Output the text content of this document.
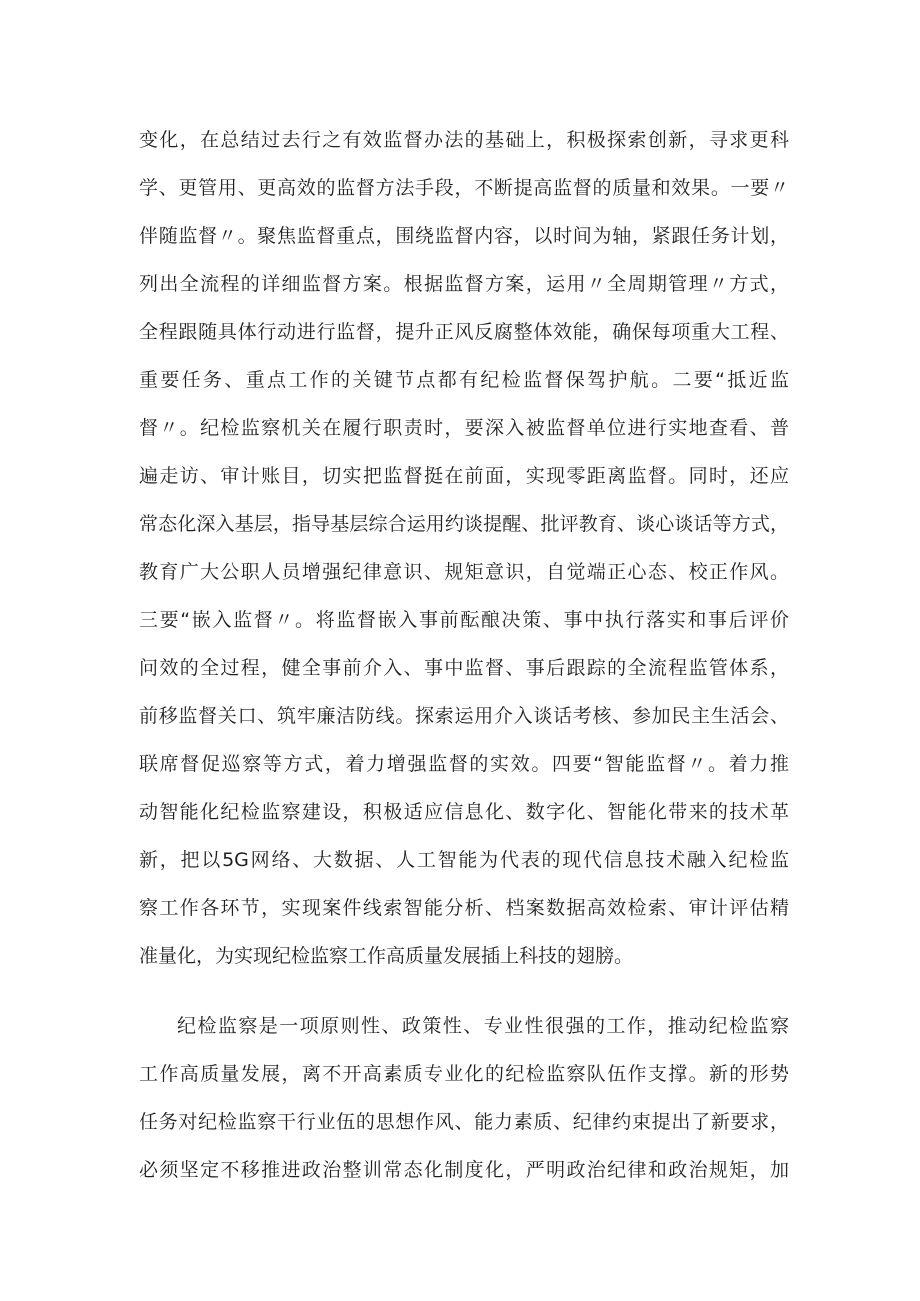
变化，在总结过去行之有效监督办法的基础上，积极探索创新，寻求更科
学、更管用、更高效的监督方法手段，不断提高监督的质量和效果。一要〃
伴随监督〃。聚焦监督重点，围绕监督内容，以时间为轴，紧跟任务计划，
列出全流程的详细监督方案。根据监督方案，运用〃全周期管理〃方式，
全程跟随具体行动进行监督，提升正风反腐整体效能，确保每项重大工程、
重要任务、重点工作的关键节点都有纪检监督保驾护航。二要“抵近监
督〃。纪检监察机关在履行职责时，要深入被监督单位进行实地查看、普
遍走访、审计账目，切实把监督挺在前面，实现零距离监督。同时，还应
常态化深入基层，指导基层综合运用约谈提醒、批评教育、谈心谈话等方式，
教育广大公职人员增强纪律意识、规矩意识，自觉端正心态、校正作风。
三要“嵌入监督〃。将监督嵌入事前酝酿决策、事中执行落实和事后评价
问效的全过程，健全事前介入、事中监督、事后跟踪的全流程监管体系，
前移监督关口、筑牢廉洁防线。探索运用介入谈话考核、参加民主生活会、
联席督促巡察等方式，着力增强监督的实效。四要“智能监督〃。着力推
动智能化纪检监察建设，积极适应信息化、数字化、智能化带来的技术革
新，把以5G网络、大数据、人工智能为代表的现代信息技术融入纪检监
察工作各环节，实现案件线索智能分析、档案数据高效检索、审计评估精
准量化，为实现纪检监察工作高质量发展插上科技的翅膀。
纪检监察是一项原则性、政策性、专业性很强的工作，推动纪检监察
工作高质量发展，离不开高素质专业化的纪检监察队伍作支撑。新的形势
任务对纪检监察干行业伍的思想作风、能力素质、纪律约束提出了新要求，
必须坚定不移推进政治整训常态化制度化，严明政治纪律和政治规矩，加
